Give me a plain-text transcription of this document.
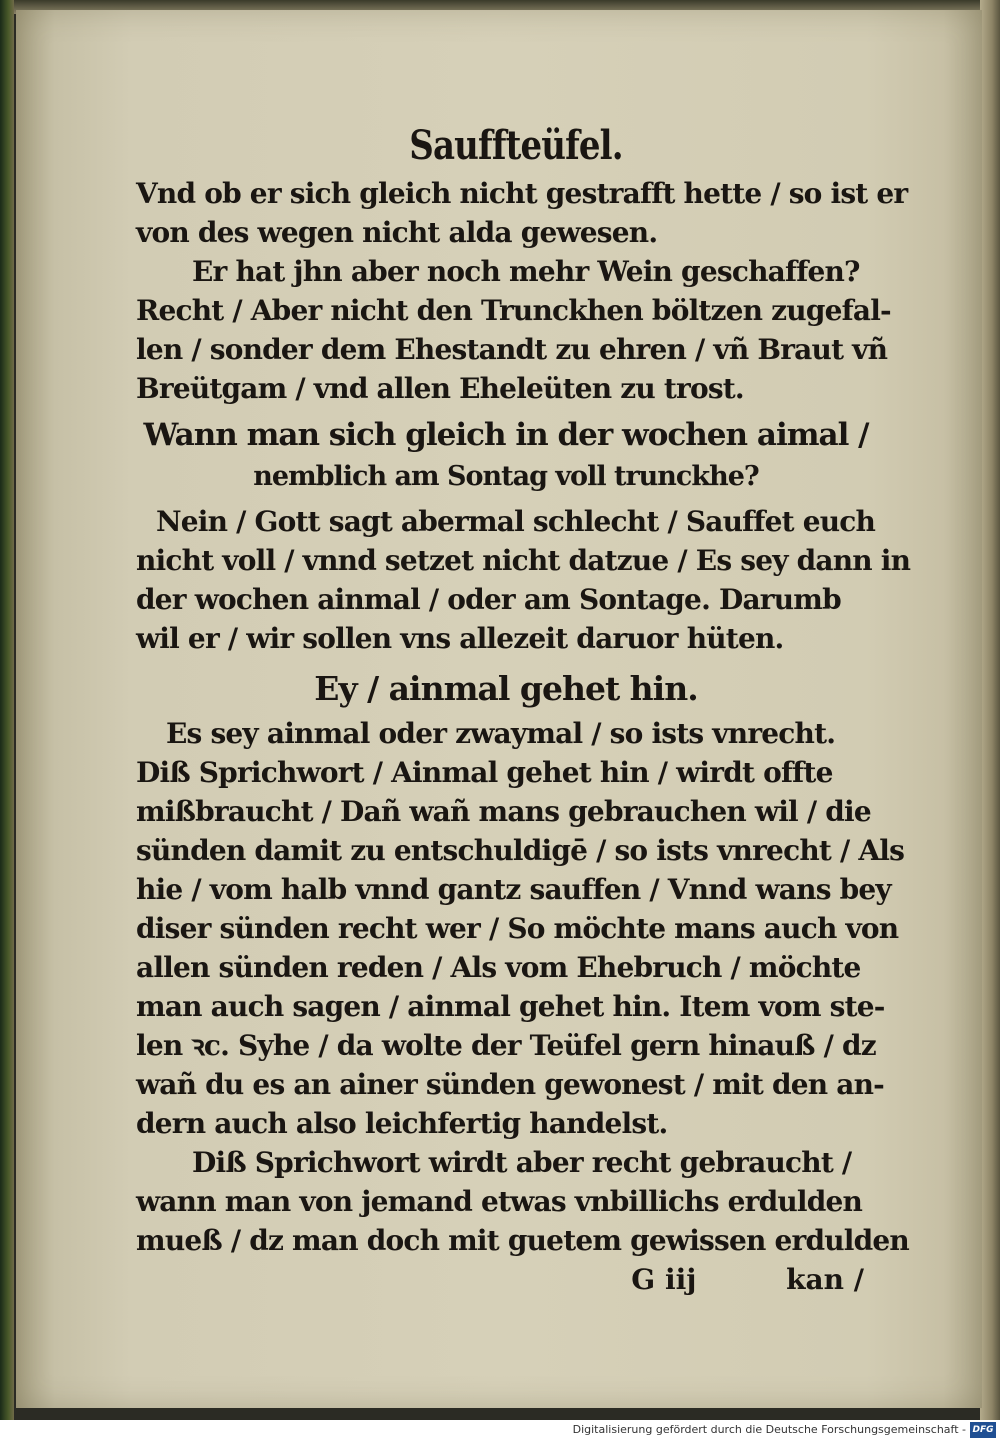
Sauffteüfel.
Vnd ob er sich gleich nicht gestrafft hette / so ist er
von des wegen nicht alda gewesen.
Er hat jhn aber noch mehr Wein geschaffen?
Recht / Aber nicht den Trunckhen böltzen zugefal-
len / sonder dem Ehestandt zu ehren / vñ Braut vñ
Breütgam / vnd allen Eheleüten zu trost.
Wann man sich gleich in der wochen aimal /
nemblich am Sontag voll trunckhe?
Nein / Gott sagt abermal schlecht / Sauffet euch
nicht voll / vnnd setzet nicht datzue / Es sey dann in
der wochen ainmal / oder am Sontage. Darumb
wil er / wir sollen vns allezeit daruor hüten.
Ey / ainmal gehet hin.
Es sey ainmal oder zwaymal / so ists vnrecht.
Diß Sprichwort / Ainmal gehet hin / wirdt offte
mißbraucht / Dañ wañ mans gebrauchen wil / die
sünden damit zu entschuldigē / so ists vnrecht / Als
hie / vom halb vnnd gantz sauffen / Vnnd wans bey
diser sünden recht wer / So möchte mans auch von
allen sünden reden / Als vom Ehebruch / möchte
man auch sagen / ainmal gehet hin. Item vom ste-
len ꝛc. Syhe / da wolte der Teüfel gern hinauß / dz
wañ du es an ainer sünden gewonest / mit den an-
dern auch also leichfertig handelst.
Diß Sprichwort wirdt aber recht gebraucht /
wann man von jemand etwas vnbillichs erdulden
mueß / dz man doch mit guetem gewissen erdulden
G iij	kan /
Digitalisierung gefördert durch die Deutsche Forschungsgemeinschaft - DFG
